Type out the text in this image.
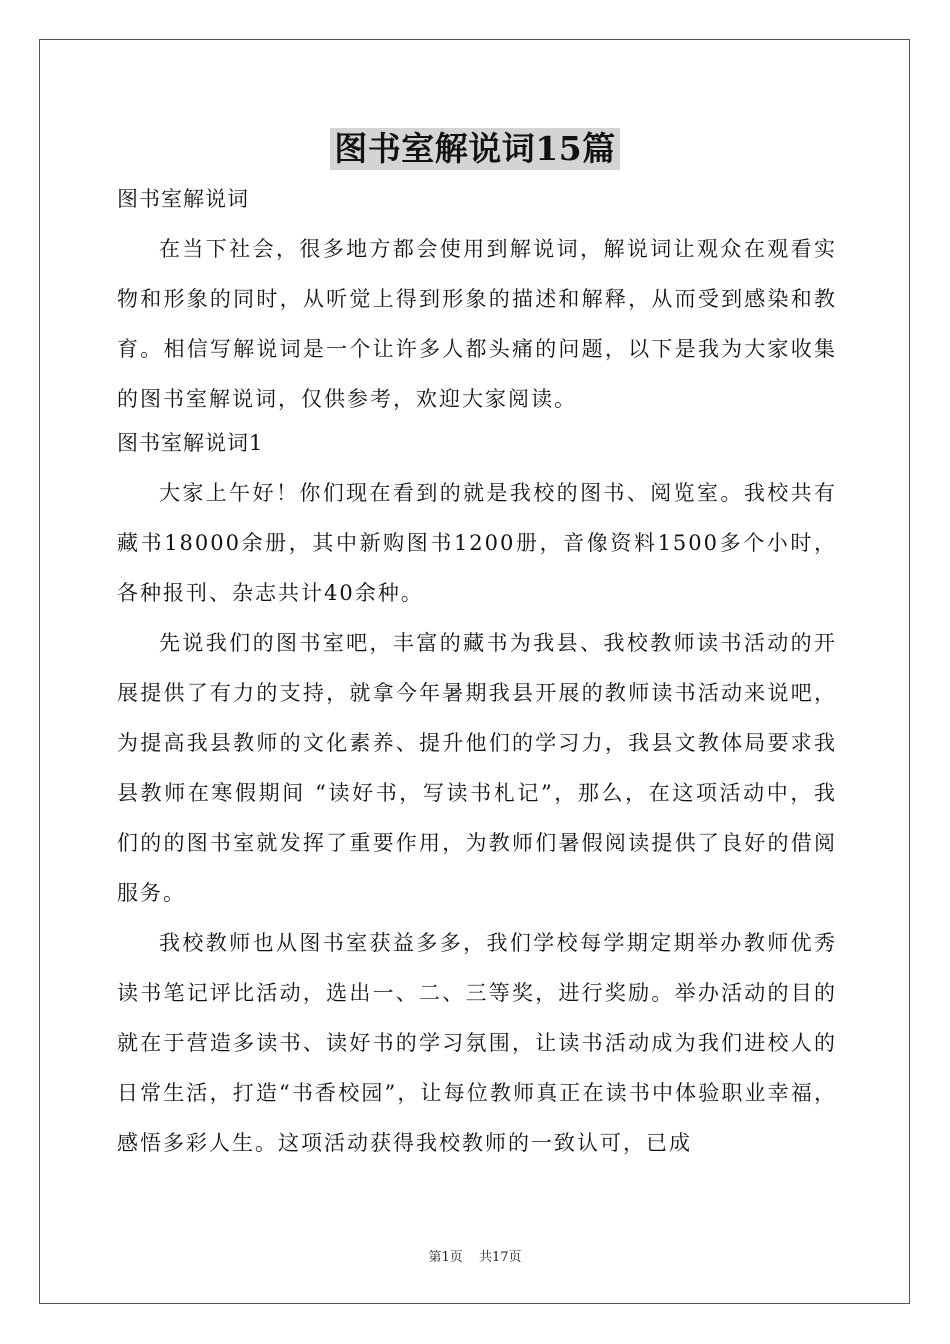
图书室解说词15篇

图书室解说词

在当下社会，很多地方都会使用到解说词，解说词让观众在观看实物和形象的同时，从听觉上得到形象的描述和解释，从而受到感染和教育。相信写解说词是一个让许多人都头痛的问题，以下是我为大家收集的图书室解说词，仅供参考，欢迎大家阅读。

图书室解说词1

大家上午好！你们现在看到的就是我校的图书、阅览室。我校共有藏书18000余册，其中新购图书1200册，音像资料1500多个小时，各种报刊、杂志共计40余种。

先说我们的图书室吧，丰富的藏书为我县、我校教师读书活动的开展提供了有力的支持，就拿今年暑期我县开展的教师读书活动来说吧，为提高我县教师的文化素养、提升他们的学习力，我县文教体局要求我县教师在寒假期间 “读好书，写读书札记”，那么，在这项活动中，我们的的图书室就发挥了重要作用，为教师们暑假阅读提供了良好的借阅服务。

我校教师也从图书室获益多多，我们学校每学期定期举办教师优秀读书笔记评比活动，选出一、二、三等奖，进行奖励。举办活动的目的就在于营造多读书、读好书的学习氛围，让读书活动成为我们进校人的日常生活，打造“书香校园”，让每位教师真正在读书中体验职业幸福，感悟多彩人生。这项活动获得我校教师的一致认可，已成

第1页 共17页
